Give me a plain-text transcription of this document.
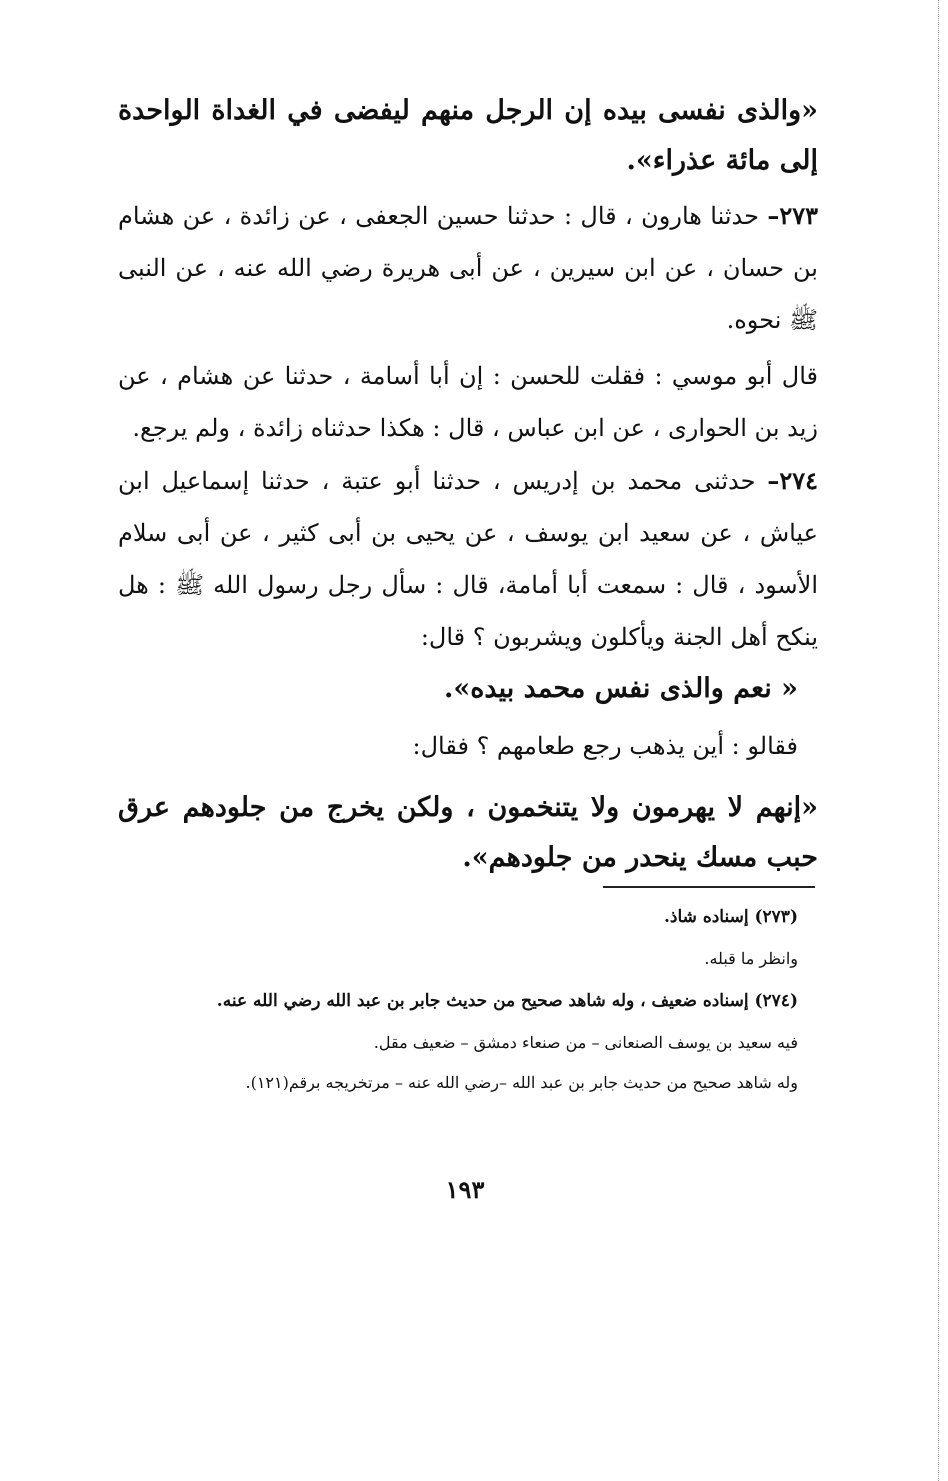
«والذى نفسى بيده إن الرجل منهم ليفضى في الغداة الواحدة إلى مائة عذراء».
٢٧٣– حدثنا هارون ، قال : حدثنا حسين الجعفى ، عن زائدة ، عن هشام بن حسان ، عن ابن سيرين ، عن أبى هريرة رضي الله عنه ، عن النبى ﷺ نحوه.
قال أبو موسي : فقلت للحسن : إن أبا أسامة ، حدثنا عن هشام ، عن زيد بن الحوارى ، عن ابن عباس ، قال : هكذا حدثناه زائدة ، ولم يرجع.
٢٧٤– حدثنى محمد بن إدريس ، حدثنا أبو عتبة ، حدثنا إسماعيل ابن عياش ، عن سعيد ابن يوسف ، عن يحيى بن أبى كثير ، عن أبى سلام الأسود ، قال : سمعت أبا أمامة، قال : سأل رجل رسول الله ﷺ : هل ينكح أهل الجنة ويأكلون ويشربون ؟ قال:
« نعم والذى نفس محمد بيده».
فقالو : أين يذهب رجع طعامهم ؟ فقال:
«إنهم لا يهرمون ولا يتنخمون ، ولكن يخرج من جلودهم عرق حبب مسك ينحدر من جلودهم».
(٢٧٣) إسناده شاذ.
وانظر ما قبله.
(٢٧٤) إسناده ضعيف ، وله شاهد صحيح من حديث جابر بن عبد الله رضي الله عنه.
فيه سعيد بن يوسف الصنعانى – من صنعاء دمشق – ضعيف مقل.
وله شاهد صحيح من حديث جابر بن عبد الله –رضي الله عنه – مرتخريجه برقم(١٢١).
١٩٣
